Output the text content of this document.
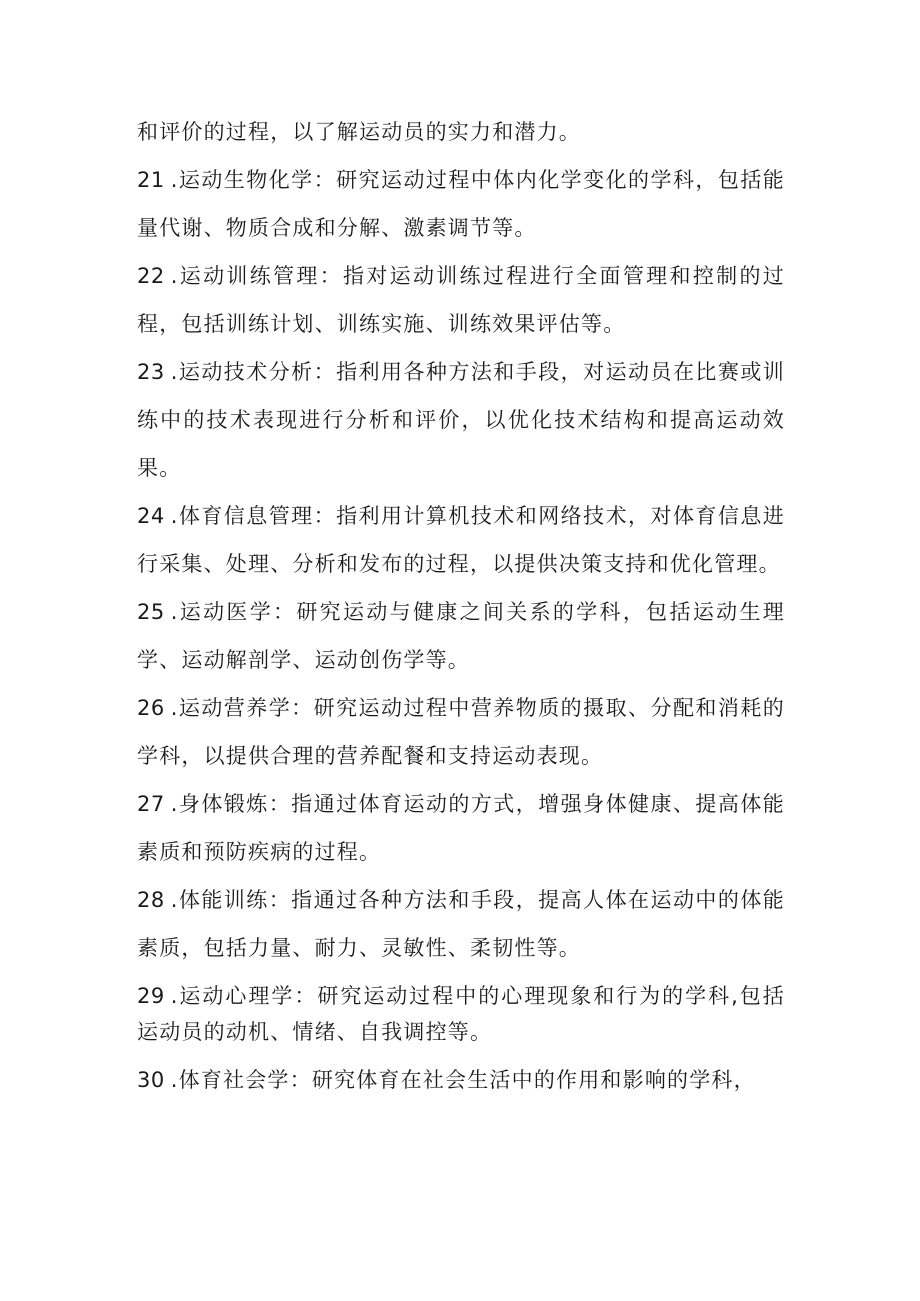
和评价的过程，以了解运动员的实力和潜力。

21 .运动生物化学：研究运动过程中体内化学变化的学科，包括能量代谢、物质合成和分解、激素调节等。

22 .运动训练管理：指对运动训练过程进行全面管理和控制的过程，包括训练计划、训练实施、训练效果评估等。

23 .运动技术分析：指利用各种方法和手段，对运动员在比赛或训练中的技术表现进行分析和评价，以优化技术结构和提高运动效果。

24 .体育信息管理：指利用计算机技术和网络技术，对体育信息进行采集、处理、分析和发布的过程，以提供决策支持和优化管理。

25 .运动医学：研究运动与健康之间关系的学科，包括运动生理学、运动解剖学、运动创伤学等。

26 .运动营养学：研究运动过程中营养物质的摄取、分配和消耗的学科，以提供合理的营养配餐和支持运动表现。

27 .身体锻炼：指通过体育运动的方式，增强身体健康、提高体能素质和预防疾病的过程。

28 .体能训练：指通过各种方法和手段，提高人体在运动中的体能素质，包括力量、耐力、灵敏性、柔韧性等。

29 .运动心理学：研究运动过程中的心理现象和行为的学科,包括运动员的动机、情绪、自我调控等。

30 .体育社会学：研究体育在社会生活中的作用和影响的学科，
